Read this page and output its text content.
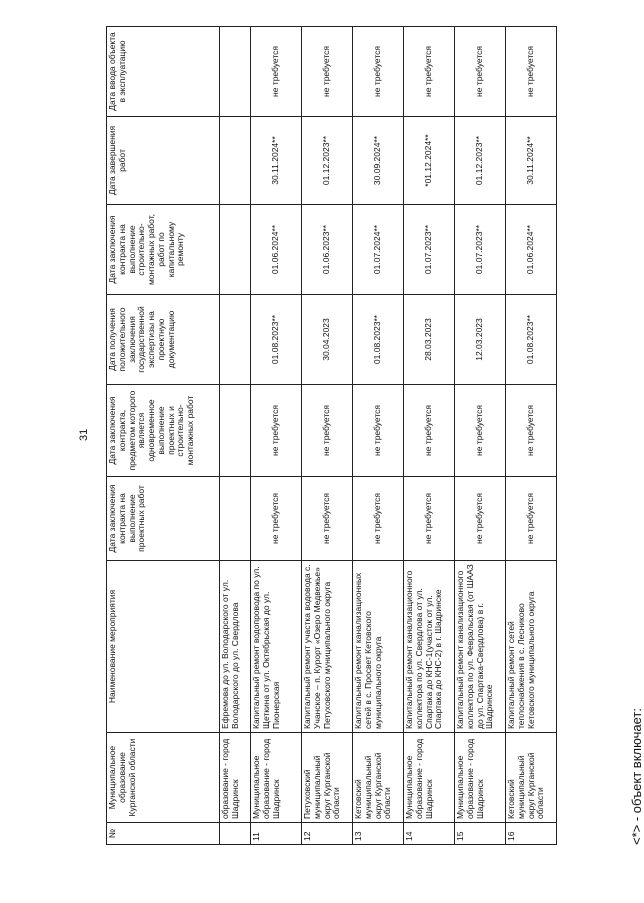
31
№	Муниципальное образование Курганской области	Наименование мероприятия	Дата заключения контракта на выполнение проектных работ	Дата заключения контракта, предметом которого является одновременное выполнение проектных и строительно-монтажных работ	Дата получения положительного заключения государственной экспертизы на проектную документацию	Дата заключения контракта на выполнение строительно-монтажных работ, работ по капитальному ремонту	Дата завершения работ	Дата ввода объекта в эксплуатацию
	образование - город Шадринск	Ефремова до ул. Володарского от ул. Володарского до ул. Свердлова						
11	Муниципальное образование - город Шадринск	Капитальный ремонт водопровода по ул. Щеткина от ул. Октябрьская до ул. Пионерская	не требуется	не требуется	01.08.2023**	01.06.2024**	30.11.2024**	не требуется
12	Петуховский муниципальный округ Курганской области	Капитальный ремонт участка водовода с. Учанское – п. Курорт «Озеро Медвежье» Петуховского муниципального округа	не требуется	не требуется	30.04.2023	01.06.2023**	01.12.2023**	не требуется
13	Кетовский муниципальный округ Курганской области	Капитальный ремонт канализационных сетей в с. Просвет Кетовского муниципального округа	не требуется	не требуется	01.08.2023**	01.07.2024**	30.09.2024**	не требуется
14	Муниципальное образование - город Шадринск	Капитальный ремонт канализационного коллектора по ул. Свердлова от ул. Спартака до КНС-1(участок от ул. Спартака до КНС-2) в г. Шадринске	не требуется	не требуется	28.03.2023	01.07.2023**	*01.12.2024**	не требуется
15	Муниципальное образование - город Шадринск	Капитальный ремонт канализационного коллектора по ул. Февральская (от ШААЗ до ул. Спартака-Свердлова) в г. Шадринске	не требуется	не требуется	12.03.2023	01.07.2023**	01.12.2023**	не требуется
16	Кетовский муниципальный округ Курганской области	Капитальный ремонт сетей теплоснабжения в с. Лесниково Кетовского муниципального округа	не требуется	не требуется	01.08.2023**	01.06.2024**	30.11.2024**	не требуется
<*> - объект включает:
